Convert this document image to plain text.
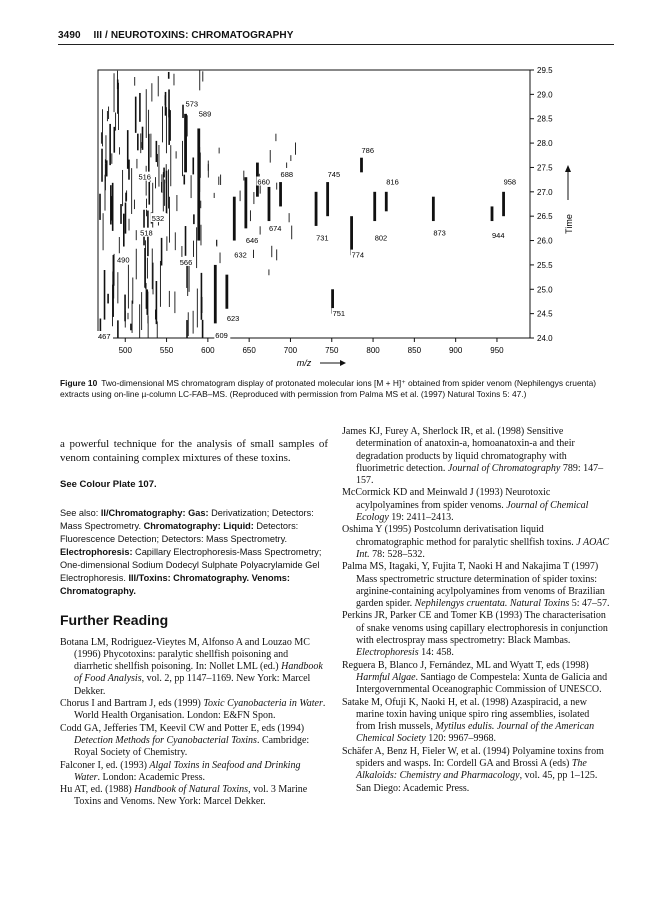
3490 III / NEUROTOXINS: CHROMATOGRAPHY
500	550	600	650	700	750	800	850	900	950
24.0
24.5
25.0
25.5
26.0
26.5
27.0
27.5
28.0
28.5
29.0
29.5
467
490
516
518
532
566
573
589
609
623
632
646
660
674
688
731
745
751
774
786
802
816
873	944
958
m/z
Time
Figure 10 Two-dimensional MS chromatogram display of protonated molecular ions [M + H]⁺ obtained from spider venom (Nephilengys cruenta) extracts using on-line µ-column LC-FAB–MS. (Reproduced with permission from Palma MS et al. (1997) Natural Toxins 5: 47.)

a powerful technique for the analysis of small samples of venom containing complex mixtures of these toxins.

See Colour Plate 107.
See also: II/Chromatography: Gas: Derivatization; Detectors: Mass Spectrometry. Chromatography: Liquid: Detectors: Fluorescence Detection; Detectors: Mass Spectrometry. Electrophoresis: Capillary Electrophoresis-Mass Spectrometry; One-dimensional Sodium Dodecyl Sulphate Polyacrylamide Gel Electrophoresis. III/Toxins: Chromatography. Venoms: Chromatography.
Further Reading

Botana LM, Rodriguez-Vieytes M, Alfonso A and Louzao MC (1996) Phycotoxins: paralytic shellfish poisoning and diarrhetic shellfish poisoning. In: Nollet LML (ed.) Handbook of Food Analysis, vol. 2, pp 1147–1169. New York: Marcel Dekker.

Chorus I and Bartram J, eds (1999) Toxic Cyanobacteria in Water. World Health Organisation. London: E&FN Spon.

Codd GA, Jefferies TM, Keevil CW and Potter E, eds (1994) Detection Methods for Cyanobacterial Toxins. Cambridge: Royal Society of Chemistry.

Falconer I, ed. (1993) Algal Toxins in Seafood and Drinking Water. London: Academic Press.

Hu AT, ed. (1988) Handbook of Natural Toxins, vol. 3 Marine Toxins and Venoms. New York: Marcel Dekker.

James KJ, Furey A, Sherlock IR, et al. (1998) Sensitive determination of anatoxin-a, homoanatoxin-a and their degradation products by liquid chromatography with fluorimetric detection. Journal of Chromatography 789: 147–157.

McCormick KD and Meinwald J (1993) Neurotoxic acylpolyamines from spider venoms. Journal of Chemical Ecology 19: 2411–2413.

Oshima Y (1995) Postcolumn derivatisation liquid chromatographic method for paralytic shellfish toxins. J AOAC Int. 78: 528–532.

Palma MS, Itagaki, Y, Fujita T, Naoki H and Nakajima T (1997) Mass spectrometric structure determination of spider toxins: arginine-containing acylpolyamines from venoms of Brazilian garden spider. Nephilengys cruentata. Natural Toxins 5: 47–57.

Perkins JR, Parker CE and Tomer KB (1993) The characterisation of snake venoms using capillary electrophoresis in conjunction with electrospray mass spectrometry: Black Mambas. Electrophoresis 14: 458.

Reguera B, Blanco J, Fernández, ML and Wyatt T, eds (1998) Harmful Algae. Santiago de Compestela: Xunta de Galicia and Intergovernmental Oceanographic Commission of UNESCO.

Satake M, Ofuji K, Naoki H, et al. (1998) Azaspiracid, a new marine toxin having unique spiro ring assemblies, isolated from Irish mussels, Mytilus edulis. Journal of the American Chemical Society 120: 9967–9968.

Schäfer A, Benz H, Fieler W, et al. (1994) Polyamine toxins from spiders and wasps. In: Cordell GA and Brossi A (eds) The Alkaloids: Chemistry and Pharmacology, vol. 45, pp 1–125. San Diego: Academic Press.
